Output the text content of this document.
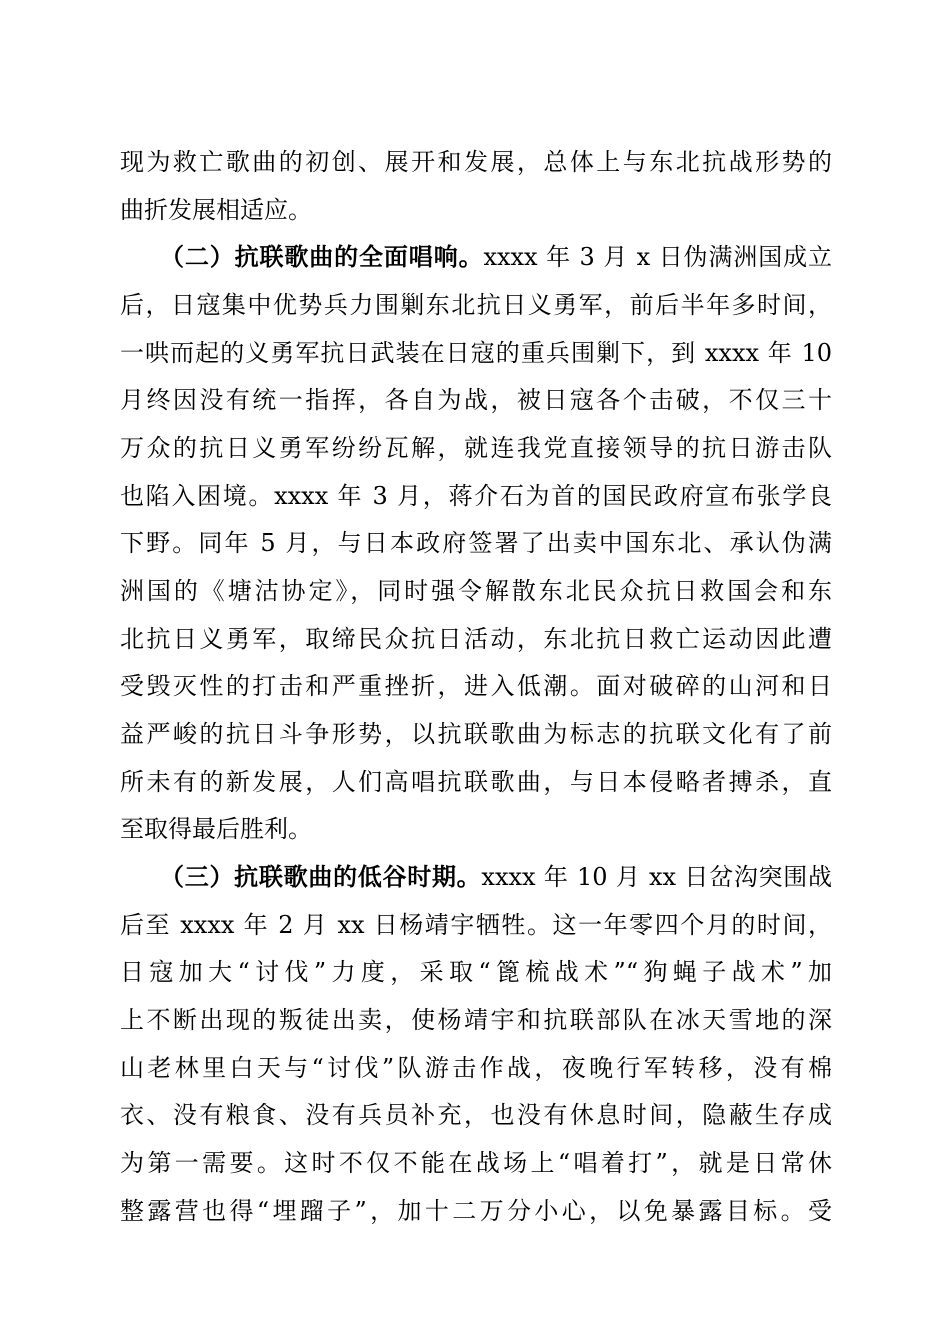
现为救亡歌曲的初创、展开和发展，总体上与东北抗战形势的
曲折发展相适应。
（二）抗联歌曲的全面唱响。xxxx 年 3 月 x 日伪满洲国成立
后，日寇集中优势兵力围剿东北抗日义勇军，前后半年多时间，
一哄而起的义勇军抗日武装在日寇的重兵围剿下，到 xxxx 年 10
月终因没有统一指挥，各自为战，被日寇各个击破，不仅三十
万众的抗日义勇军纷纷瓦解，就连我党直接领导的抗日游击队
也陷入困境。xxxx 年 3 月，蒋介石为首的国民政府宣布张学良
下野。同年 5 月，与日本政府签署了出卖中国东北、承认伪满
洲国的《塘沽协定》，同时强令解散东北民众抗日救国会和东
北抗日义勇军，取缔民众抗日活动，东北抗日救亡运动因此遭
受毁灭性的打击和严重挫折，进入低潮。面对破碎的山河和日
益严峻的抗日斗争形势，以抗联歌曲为标志的抗联文化有了前
所未有的新发展，人们高唱抗联歌曲，与日本侵略者搏杀，直
至取得最后胜利。
（三）抗联歌曲的低谷时期。xxxx 年 10 月 xx 日岔沟突围战
后至 xxxx 年 2 月 xx 日杨靖宇牺牲。这一年零四个月的时间，
日寇加大“讨伐”力度，采取“篦梳战术”“狗蝇子战术”加
上不断出现的叛徒出卖，使杨靖宇和抗联部队在冰天雪地的深
山老林里白天与“讨伐”队游击作战，夜晚行军转移，没有棉
衣、没有粮食、没有兵员补充，也没有休息时间，隐蔽生存成
为第一需要。这时不仅不能在战场上“唱着打”，就是日常休
整露营也得“埋蹓子”，加十二万分小心，以免暴露目标。受
